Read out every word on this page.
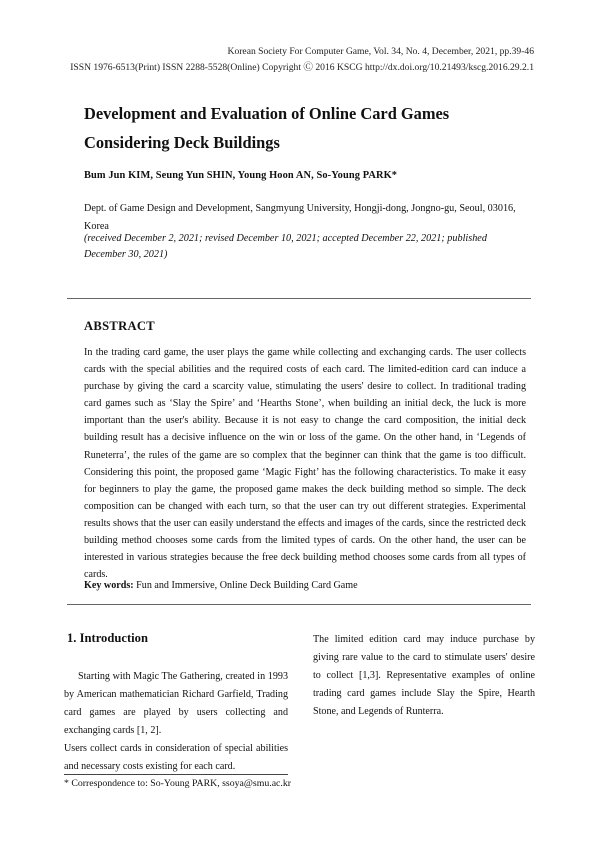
Korean Society For Computer Game, Vol. 34, No. 4, December, 2021, pp.39-46
ISSN 1976-6513(Print) ISSN 2288-5528(Online) Copyright Ⓒ 2016 KSCG http://dx.doi.org/10.21493/kscg.2016.29.2.1
Development and Evaluation of Online Card Games Considering Deck Buildings
Bum Jun KIM, Seung Yun SHIN, Young Hoon AN, So-Young PARK*
Dept. of Game Design and Development, Sangmyung University, Hongji-dong, Jongno-gu, Seoul, 03016, Korea
(received December 2, 2021; revised December 10, 2021; accepted December 22, 2021; published December 30, 2021)
ABSTRACT
In the trading card game, the user plays the game while collecting and exchanging cards. The user collects cards with the special abilities and the required costs of each card. The limited-edition card can induce a purchase by giving the card a scarcity value, stimulating the users' desire to collect. In traditional trading card games such as ‘Slay the Spire’ and ‘Hearths Stone’, when building an initial deck, the luck is more important than the user's ability. Because it is not easy to change the card composition, the initial deck building result has a decisive influence on the win or loss of the game. On the other hand, in ‘Legends of Runeterra’, the rules of the game are so complex that the beginner can think that the game is too difficult. Considering this point, the proposed game ‘Magic Fight’ has the following characteristics. To make it easy for beginners to play the game, the proposed game makes the deck building method so simple. The deck composition can be changed with each turn, so that the user can try out different strategies. Experimental results shows that the user can easily understand the effects and images of the cards, since the restricted deck building method chooses some cards from the limited types of cards. On the other hand, the user can be interested in various strategies because the free deck building method chooses some cards from all types of cards.
Key words: Fun and Immersive, Online Deck Building Card Game
1. Introduction

Starting with Magic The Gathering, created in 1993 by American mathematician Richard Garfield, Trading card games are played by users collecting and exchanging cards [1, 2].

Users collect cards in consideration of special abilities and necessary costs existing for each card.

The limited edition card may induce purchase by giving rare value to the card to stimulate users' desire to collect [1,3]. Representative examples of online trading card games include Slay the Spire, Hearth Stone, and Legends of Runterra.

* Correspondence to: So-Young PARK, ssoya@smu.ac.kr
